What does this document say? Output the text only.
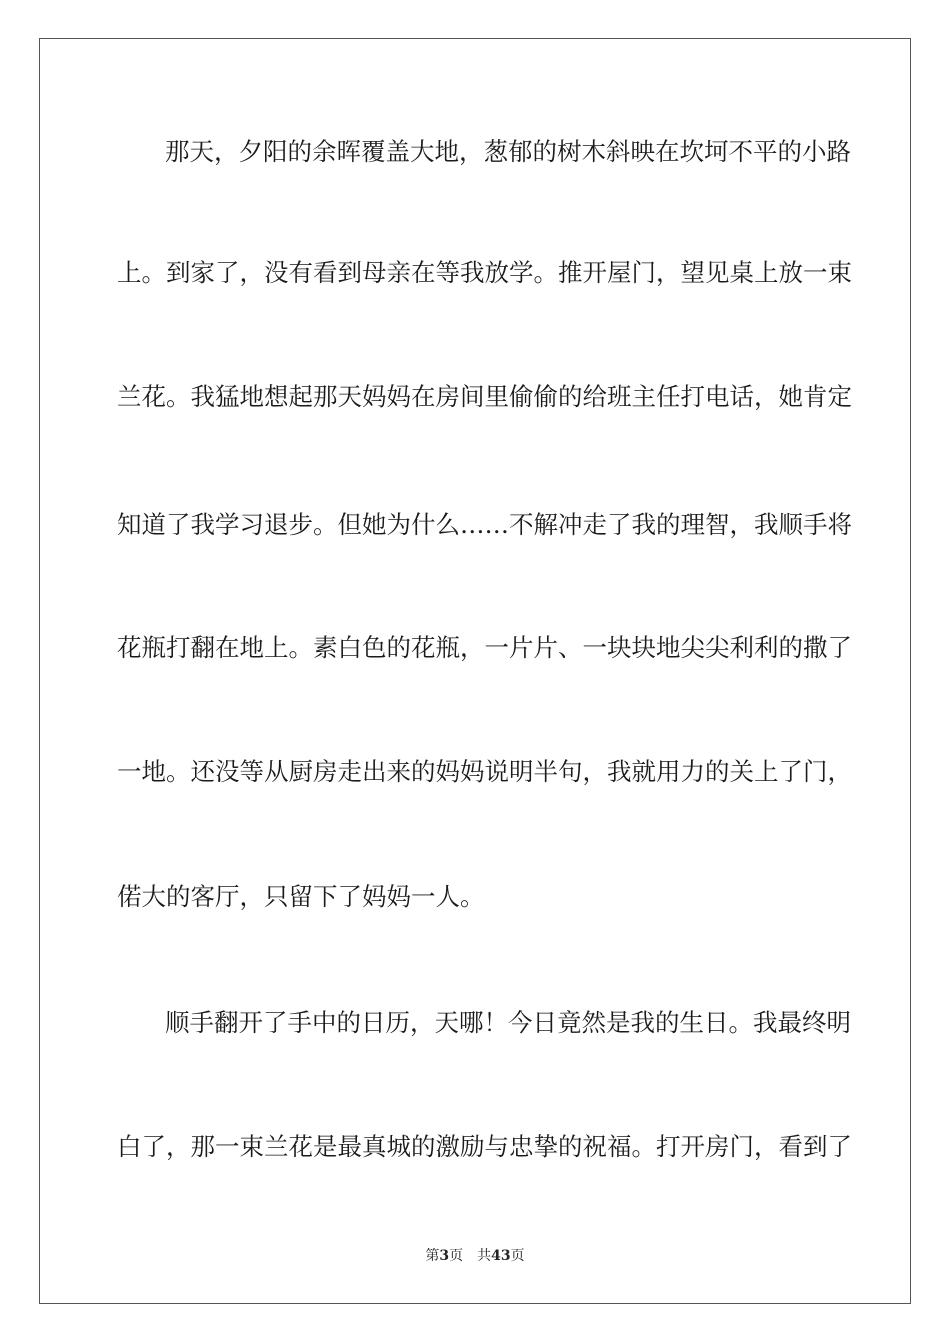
那天，夕阳的余晖覆盖大地，葱郁的树木斜映在坎坷不平的小路
上。到家了，没有看到母亲在等我放学。推开屋门，望见桌上放一束
兰花。我猛地想起那天妈妈在房间里偷偷的给班主任打电话，她肯定
知道了我学习退步。但她为什么……不解冲走了我的理智，我顺手将
花瓶打翻在地上。素白色的花瓶，一片片、一块块地尖尖利利的撒了
一地。还没等从厨房走出来的妈妈说明半句，我就用力的关上了门，
偌大的客厅，只留下了妈妈一人。
顺手翻开了手中的日历，天哪！今日竟然是我的生日。我最终明
白了，那一束兰花是最真城的激励与忠挚的祝福。打开房门，看到了
第3页 共43页
